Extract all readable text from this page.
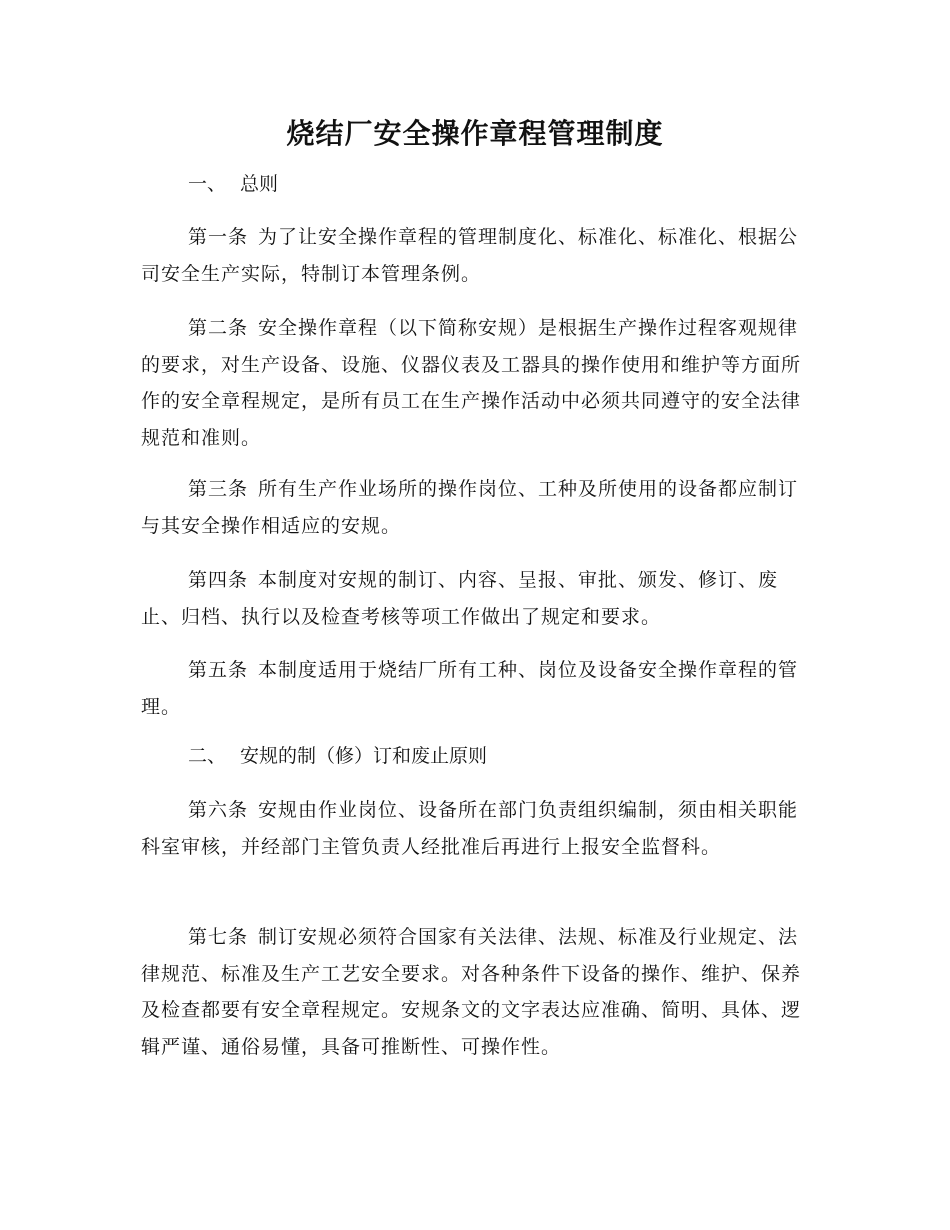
烧结厂安全操作章程管理制度
一、 总则

第一条 为了让安全操作章程的管理制度化、标准化、标准化、根据公司安全生产实际，特制订本管理条例。

第二条 安全操作章程（以下简称安规）是根据生产操作过程客观规律的要求，对生产设备、设施、仪器仪表及工器具的操作使用和维护等方面所作的安全章程规定，是所有员工在生产操作活动中必须共同遵守的安全法律规范和准则。

第三条 所有生产作业场所的操作岗位、工种及所使用的设备都应制订与其安全操作相适应的安规。

第四条 本制度对安规的制订、内容、呈报、审批、颁发、修订、废止、归档、执行以及检查考核等项工作做出了规定和要求。

第五条 本制度适用于烧结厂所有工种、岗位及设备安全操作章程的管理。

二、 安规的制（修）订和废止原则

第六条 安规由作业岗位、设备所在部门负责组织编制，须由相关职能科室审核，并经部门主管负责人经批准后再进行上报安全监督科。

第七条 制订安规必须符合国家有关法律、法规、标准及行业规定、法律规范、标准及生产工艺安全要求。对各种条件下设备的操作、维护、保养及检查都要有安全章程规定。安规条文的文字表达应准确、简明、具体、逻辑严谨、通俗易懂，具备可推断性、可操作性。
